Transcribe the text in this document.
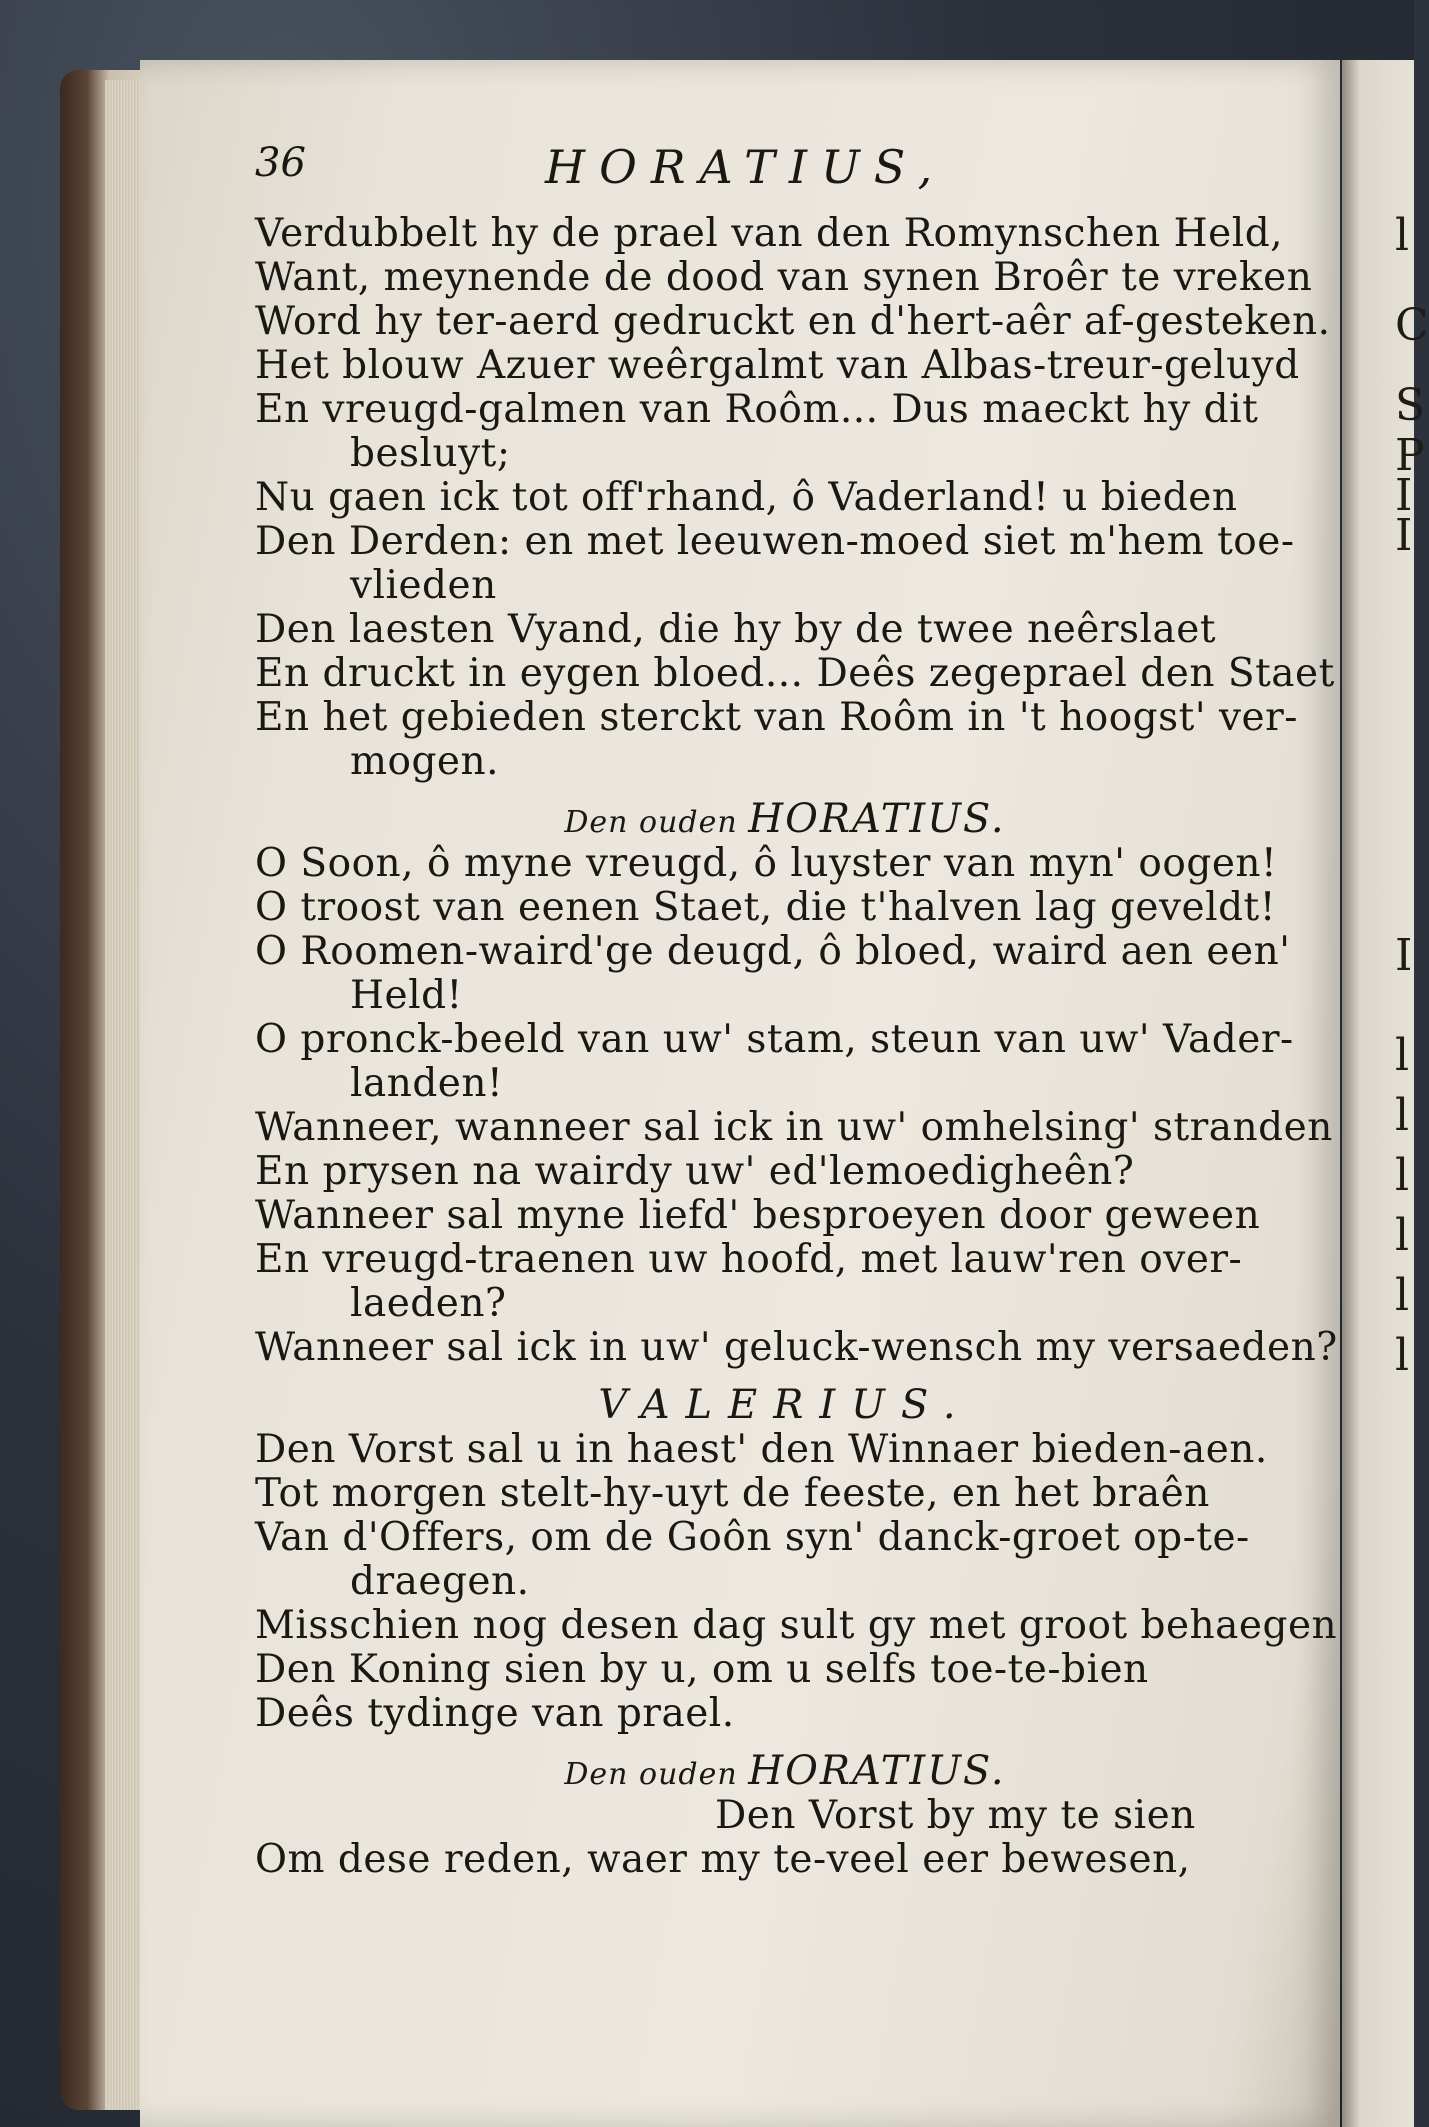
36	HORATIUS,
Verdubbelt hy de prael van den Romynschen Held,
Want, meynende de dood van synen Broêr te vreken
Word hy ter-aerd gedruckt en d'hert-aêr af-gesteken.
Het blouw Azuer weêrgalmt van Albas-treur-geluyd
En vreugd-galmen van Roôm... Dus maeckt hy dit
besluyt;
Nu gaen ick tot off'rhand, ô Vaderland! u bieden
Den Derden: en met leeuwen-moed siet m'hem toe-
vlieden
Den laesten Vyand, die hy by de twee neêrslaet
En druckt in eygen bloed... Deês zegeprael den Staet
En het gebieden sterckt van Roôm in 't hoogst' ver-
mogen.
Den ouden HORATIUS.
O Soon, ô myne vreugd, ô luyster van myn' oogen!
O troost van eenen Staet, die t'halven lag geveldt!
O Roomen-waird'ge deugd, ô bloed, waird aen een'
Held!
O pronck-beeld van uw' stam, steun van uw' Vader-
landen!
Wanneer, wanneer sal ick in uw' omhelsing' stranden
En prysen na wairdy uw' ed'lemoedigheên?
Wanneer sal myne liefd' besproeyen door geween
En vreugd-traenen uw hoofd, met lauw'ren over-
laeden?
Wanneer sal ick in uw' geluck-wensch my versaeden?
VALERIUS.
Den Vorst sal u in haest' den Winnaer bieden-aen.
Tot morgen stelt-hy-uyt de feeste, en het braên
Van d'Offers, om de Goôn syn' danck-groet op-te-
draegen.
Misschien nog desen dag sult gy met groot behaegen
Den Koning sien by u, om u selfs toe-te-bien
Deês tydinge van prael.
Den ouden HORATIUS.
Den Vorst by my te sien
Om dese reden, waer my te-veel eer bewesen,
l
C
S
P
I
I
I
l
l
l
l
l
l
